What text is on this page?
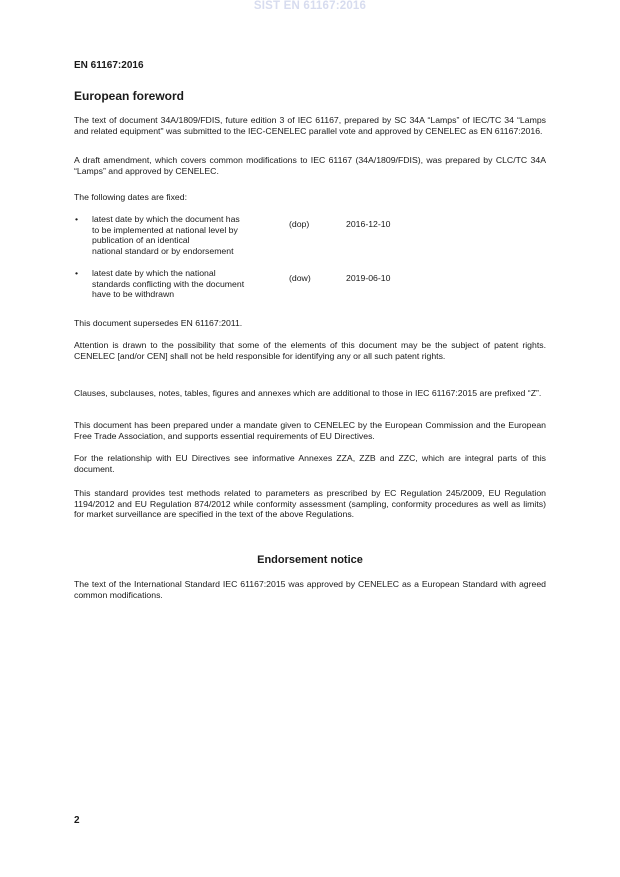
SIST EN 61167:2016
EN 61167:2016
European foreword
The text of document 34A/1809/FDIS, future edition 3 of IEC 61167, prepared by SC 34A “Lamps” of IEC/TC 34 “Lamps and related equipment" was submitted to the IEC-CENELEC parallel vote and approved by CENELEC as EN 61167:2016.
A draft amendment, which covers common modifications to IEC 61167 (34A/1809/FDIS), was prepared by CLC/TC 34A “Lamps” and approved by CENELEC.
The following dates are fixed:
• latest date by which the document has
to be implemented at national level by
publication of an identical
national standard or by endorsement
(dop)	2016-12-10
• latest date by which the national
standards conflicting with the document
have to be withdrawn
(dow)	2019-06-10
This document supersedes EN 61167:2011.
Attention is drawn to the possibility that some of the elements of this document may be the subject of patent rights. CENELEC [and/or CEN] shall not be held responsible for identifying any or all such patent rights.
Clauses, subclauses, notes, tables, figures and annexes which are additional to those in IEC 61167:2015 are prefixed “Z”.
This document has been prepared under a mandate given to CENELEC by the European Commission and the European Free Trade Association, and supports essential requirements of EU Directives.
For the relationship with EU Directives see informative Annexes ZZA, ZZB and ZZC, which are integral parts of this document.
This standard provides test methods related to parameters as prescribed by EC Regulation 245/2009, EU Regulation 1194/2012 and EU Regulation 874/2012 while conformity assessment (sampling, conformity procedures as well as limits) for market surveillance are specified in the text of the above Regulations.
Endorsement notice
The text of the International Standard IEC 61167:2015 was approved by CENELEC as a European Standard with agreed common modifications.
2
